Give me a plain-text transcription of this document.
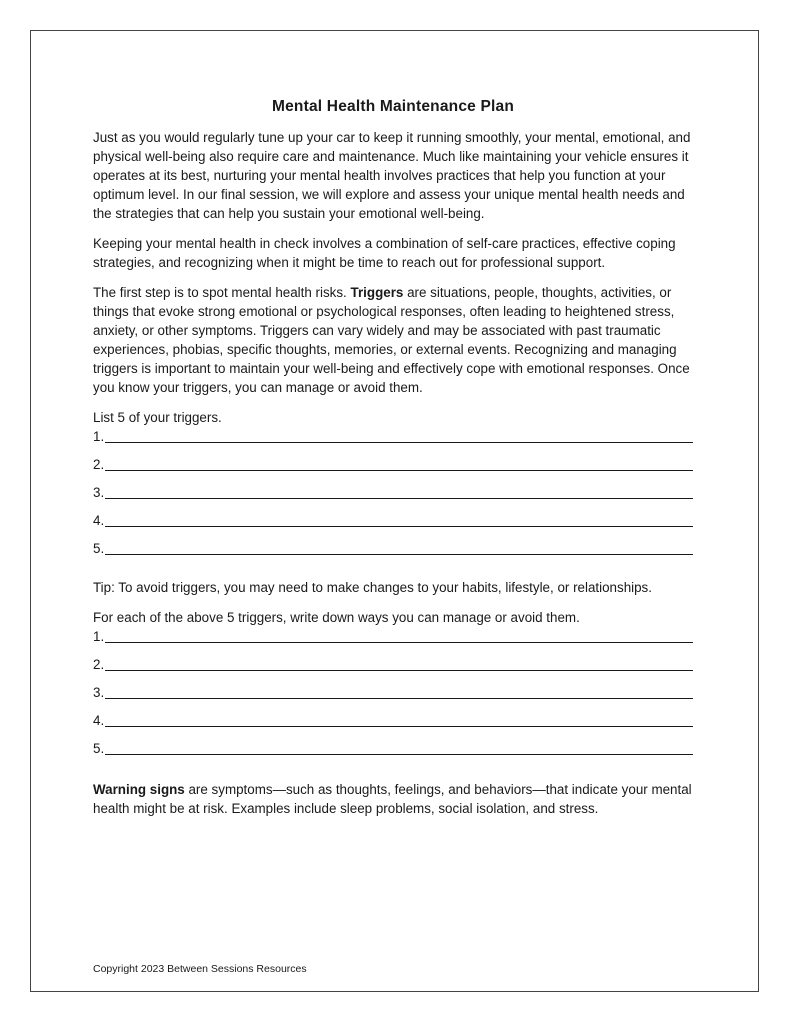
Mental Health Maintenance Plan

Just as you would regularly tune up your car to keep it running smoothly, your mental, emotional, and physical well-being also require care and maintenance. Much like maintaining your vehicle ensures it operates at its best, nurturing your mental health involves practices that help you function at your optimum level. In our final session, we will explore and assess your unique mental health needs and the strategies that can help you sustain your emotional well-being.

Keeping your mental health in check involves a combination of self-care practices, effective coping strategies, and recognizing when it might be time to reach out for professional support.

The first step is to spot mental health risks. Triggers are situations, people, thoughts, activities, or things that evoke strong emotional or psychological responses, often leading to heightened stress, anxiety, or other symptoms. Triggers can vary widely and may be associated with past traumatic experiences, phobias, specific thoughts, memories, or external events. Recognizing and managing triggers is important to maintain your well-being and effectively cope with emotional responses. Once you know your triggers, you can manage or avoid them.

List 5 of your triggers.

1.
2.
3.
4.
5.

Tip: To avoid triggers, you may need to make changes to your habits, lifestyle, or relationships.

For each of the above 5 triggers, write down ways you can manage or avoid them.

1.
2.
3.
4.
5.

Warning signs are symptoms—such as thoughts, feelings, and behaviors—that indicate your mental health might be at risk. Examples include sleep problems, social isolation, and stress.

Copyright 2023 Between Sessions Resources
